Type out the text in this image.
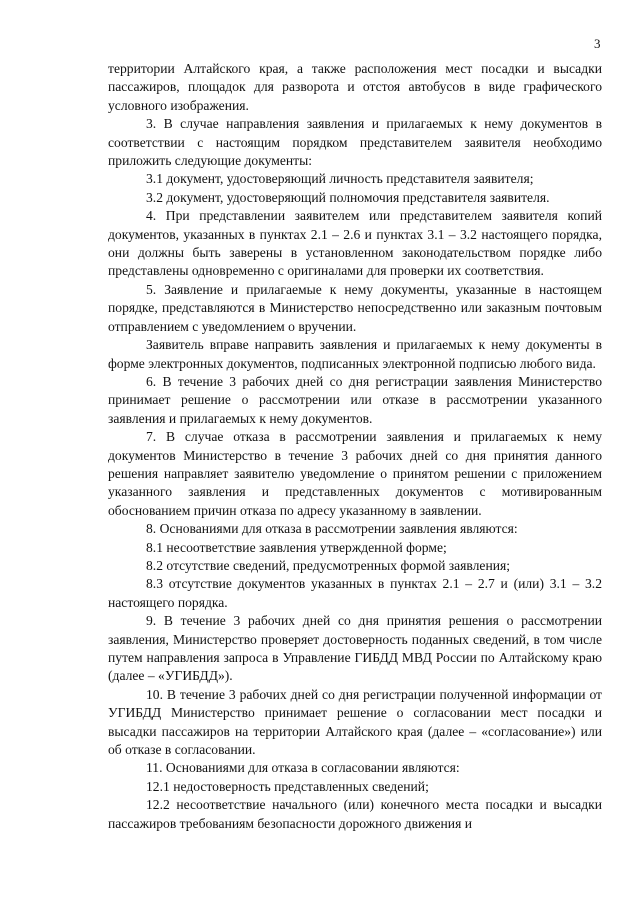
3

территории Алтайского края, а также расположения мест посадки и высадки пассажиров, площадок для разворота и отстоя автобусов в виде графического условного изображения.

3. В случае направления заявления и прилагаемых к нему документов в соответствии с настоящим порядком представителем заявителя необходимо приложить следующие документы:

3.1 документ, удостоверяющий личность представителя заявителя;

3.2 документ, удостоверяющий полномочия представителя заявителя.

4. При представлении заявителем или представителем заявителя копий документов, указанных в пунктах 2.1 – 2.6 и пунктах 3.1 – 3.2 настоящего порядка, они должны быть заверены в установленном законодательством порядке либо представлены одновременно с оригиналами для проверки их соответствия.

5. Заявление и прилагаемые к нему документы, указанные в настоящем порядке, представляются в Министерство непосредственно или заказным почтовым отправлением с уведомлением о вручении.

Заявитель вправе направить заявления и прилагаемых к нему документы в форме электронных документов, подписанных электронной подписью любого вида.

6. В течение 3 рабочих дней со дня регистрации заявления Министерство принимает решение о рассмотрении или отказе в рассмотрении указанного заявления и прилагаемых к нему документов.

7. В случае отказа в рассмотрении заявления и прилагаемых к нему документов Министерство в течение 3 рабочих дней со дня принятия данного решения направляет заявителю уведомление о принятом решении с приложением указанного заявления и представленных документов с мотивированным обоснованием причин отказа по адресу указанному в заявлении.

8. Основаниями для отказа в рассмотрении заявления являются:

8.1 несоответствие заявления утвержденной форме;

8.2 отсутствие сведений, предусмотренных формой заявления;

8.3 отсутствие документов указанных в пунктах 2.1 – 2.7 и (или) 3.1 – 3.2 настоящего порядка.

9. В течение 3 рабочих дней со дня принятия решения о рассмотрении заявления, Министерство проверяет достоверность поданных сведений, в том числе путем направления запроса в Управление ГИБДД МВД России по Алтайскому краю (далее – «УГИБДД»).

10. В течение 3 рабочих дней со дня регистрации полученной информации от УГИБДД Министерство принимает решение о согласовании мест посадки и высадки пассажиров на территории Алтайского края (далее – «согласование») или об отказе в согласовании.

11. Основаниями для отказа в согласовании являются:

12.1 недостоверность представленных сведений;

12.2 несоответствие начального (или) конечного места посадки и высадки пассажиров требованиям безопасности дорожного движения и
